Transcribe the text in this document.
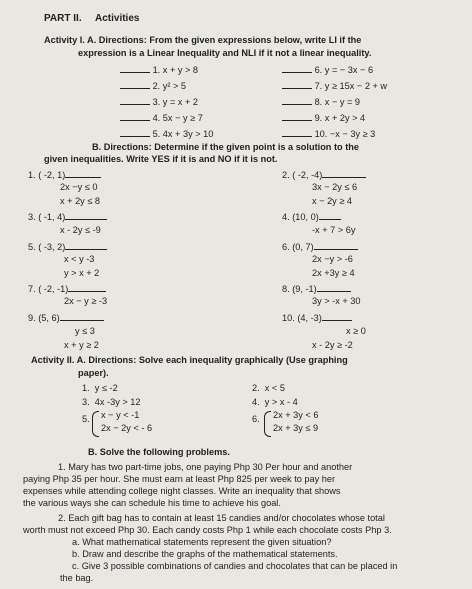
PART II. Activities
Activity I. A. Directions: From the given expressions below, write LI if the
expression is a Linear Inequality and NLI if it not a linear inequality.
1. x + y > 8
2. y² > 5
3. y = x + 2
4. 5x − y ≥ 7
5. 4x + 3y > 10
6. y = − 3x − 6
7. y ≥ 15x − 2 + w
8. x − y = 9
9. x + 2y > 4
10. −x − 3y ≥ 3
B. Directions: Determine if the given point is a solution to the
given inequalities. Write YES if it is and NO if it is not.
1. ( -2, 1)
2x −y ≤ 0
x + 2y ≤ 8
3. ( -1, 4)
x - 2y ≤ -9
5. ( -3, 2)
x < y -3
y > x + 2
7. ( -2, -1)
2x − y ≥ -3
9. (5, 6)
y ≤ 3
x + y ≥ 2
2. ( -2, -4)
3x − 2y ≤ 6
x − 2y ≥ 4
4. (10, 0)
-x + 7 > 6y
6. (0, 7)
2x −y > -6
2x +3y ≥ 4
8. (9, -1)
3y > -x + 30
10. (4, -3)
x ≥ 0
x - 2y ≥ -2
Activity II. A. Directions: Solve each inequality graphically (Use graphing
paper).
1. y ≤ -2	2. x < 5
3. 4x -3y > 12	4. y > x - 4
5. x − y < -1
2x − 2y < - 6
6. 2x + 3y < 6
2x + 3y ≤ 9
B. Solve the following problems.
1. Mary has two part-time jobs, one paying Php 30 Per hour and another
paying Php 35 per hour. She must earn at least Php 825 per week to pay her
expenses while attending college night classes. Write an inequality that shows
the various ways she can schedule his time to achieve his goal.
2. Each gift bag has to contain at least 15 candies and/or chocolates whose total
worth must not exceed Php 30. Each candy costs Php 1 while each chocolate costs Php 3.
a. What mathematical statements represent the given situation?
b. Draw and describe the graphs of the mathematical statements.
c. Give 3 possible combinations of candies and chocolates that can be placed in
the bag.
